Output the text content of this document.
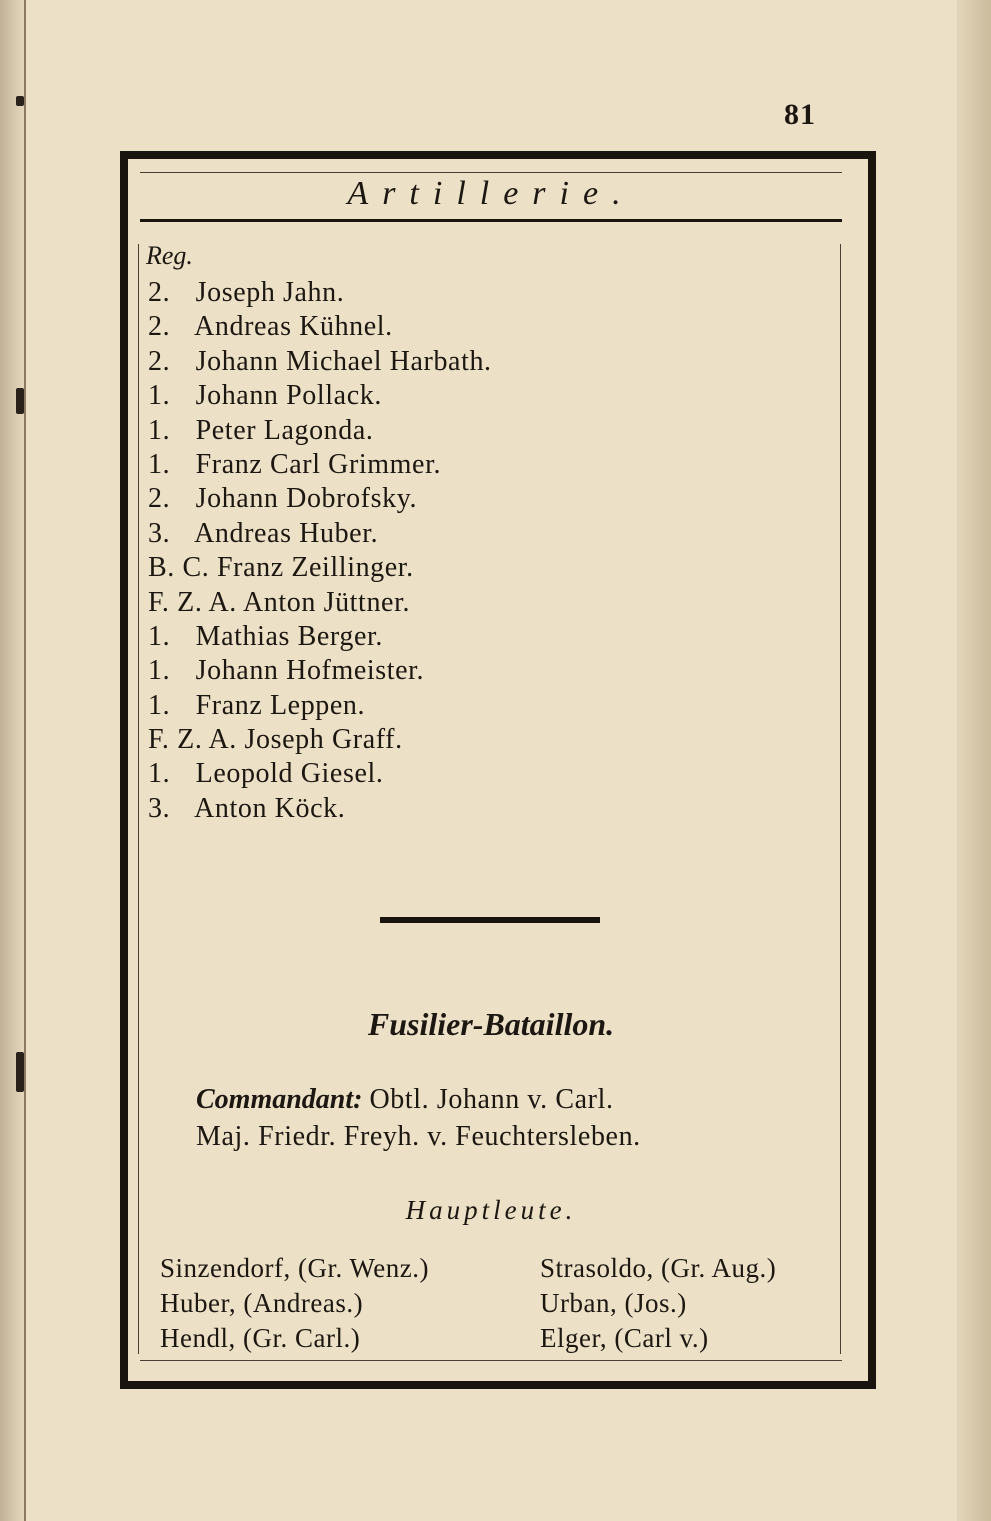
81
Artillerie.
Reg.
2. Joseph Jahn.
2. Andreas Kühnel.
2. Johann Michael Harbath.
1. Johann Pollack.
1. Peter Lagonda.
1. Franz Carl Grimmer.
2. Johann Dobrofsky.
3. Andreas Huber.
B. C. Franz Zeillinger.
F. Z. A. Anton Jüttner.
1. Mathias Berger.
1. Johann Hofmeister.
1. Franz Leppen.
F. Z. A. Joseph Graff.
1. Leopold Giesel.
3. Anton Köck.
Fusilier-Bataillon.
Commandant: Obtl. Johann v. Carl.
Maj. Friedr. Freyh. v. Feuchtersleben.
Hauptleute.
Sinzendorf, (Gr. Wenz.)	Strasoldo, (Gr. Aug.)
Huber, (Andreas.)	Urban, (Jos.)
Hendl, (Gr. Carl.)	Elger, (Carl v.)
